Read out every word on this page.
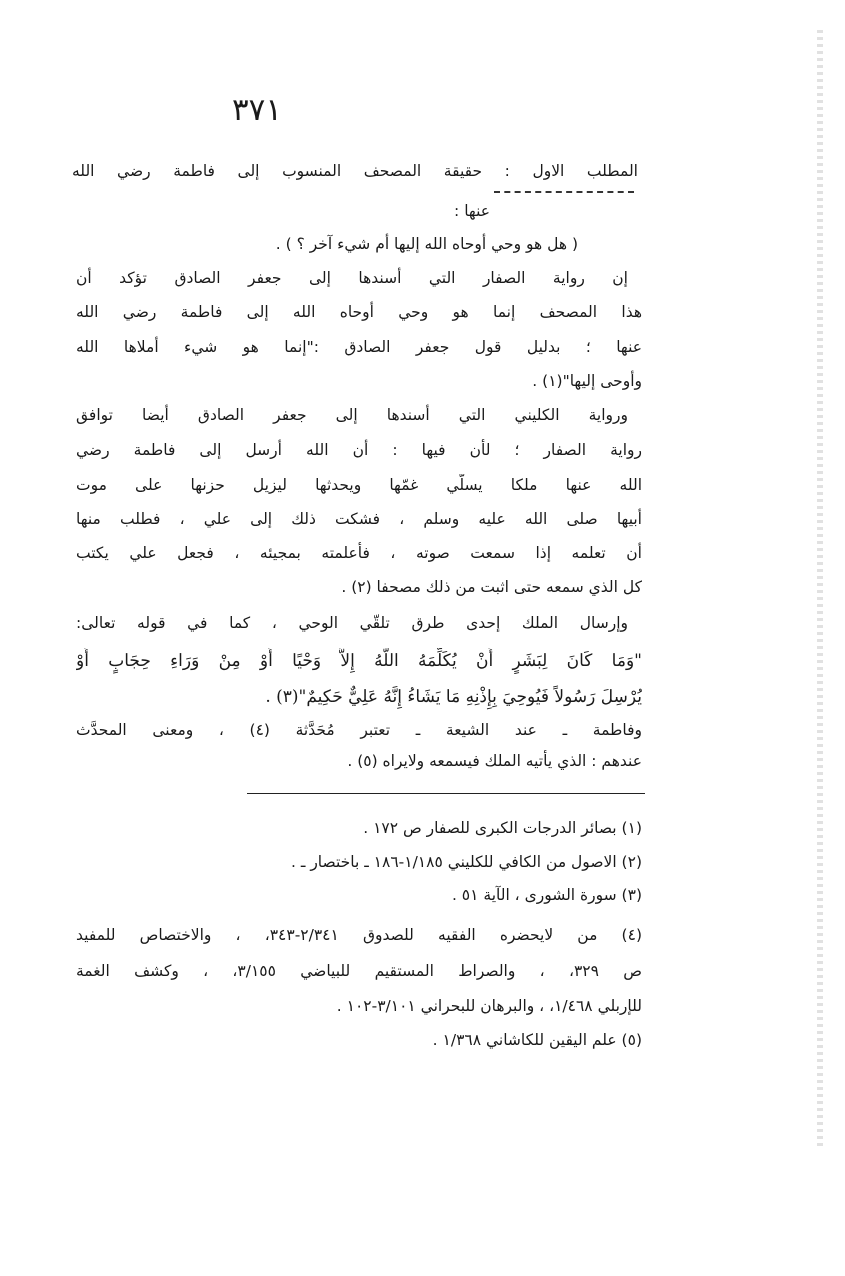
٣٧١
المطلب الاول : حقيقة المصحف المنسوب إلى فاطمة رضي الله
عنها :
( هل هو وحي أوحاه الله إليها أم شيء آخر ؟ ) .
إن رواية الصفار التي أسندها إلى جعفر الصادق تؤكد أن
هذا المصحف إنما هو وحي أوحاه الله إلى فاطمة رضي الله
عنها ؛ بدليل قول جعفر الصادق :"إنما هو شيء أملاها الله
وأوحى إليها"(١) .
ورواية الكليني التي أسندها إلى جعفر الصادق أيضا توافق
رواية الصفار ؛ لأن فيها : أن الله أرسل إلى فاطمة رضي
الله عنها ملكا يسلّي غمّها ويحدثها ليزيل حزنها على موت
أبيها صلى الله عليه وسلم ، فشكت ذلك إلى علي ، فطلب منها
أن تعلمه إذا سمعت صوته ، فأعلمته بمجيئه ، فجعل علي يكتب
كل الذي سمعه حتى اثبت من ذلك مصحفا (٢) .
وإرسال الملك إحدى طرق تلقّي الوحي ، كما في قوله تعالى:
"وَمَا كَانَ لِبَشَرٍ أَنْ يُكَلِّمَهُ اللَّهُ إِلاَّ وَحْيًا أَوْ مِنْ وَرَاءِ حِجَابٍ أَوْ
يُرْسِلَ رَسُولاً فَيُوحِيَ بِإِذْنِهِ مَا يَشَاءُ إِنَّهُ عَلِيٌّ حَكِيمٌ"(٣) .
وفاطمة ـ عند الشيعة ـ تعتبر مُحَدَّثة (٤) ، ومعنى المحدَّث
عندهم : الذي يأتيه الملك فيسمعه ولايراه (٥) .
(١) بصائر الدرجات الكبرى للصفار ص ١٧٢ .
(٢) الاصول من الكافي للكليني ١/١٨٥-١٨٦ ـ باختصار ـ .
(٣) سورة الشورى ، الآية ٥١ .
(٤) من لايحضره الفقيه للصدوق ٢/٣٤١-٣٤٣، ، والاختصاص للمفيد
ص ٣٢٩، ، والصراط المستقيم للبياضي ٣/١٥٥، ، وكشف الغمة
للإربلي ١/٤٦٨، ، والبرهان للبحراني ٣/١٠١-١٠٢ .
(٥) علم اليقين للكاشاني ١/٣٦٨ .
